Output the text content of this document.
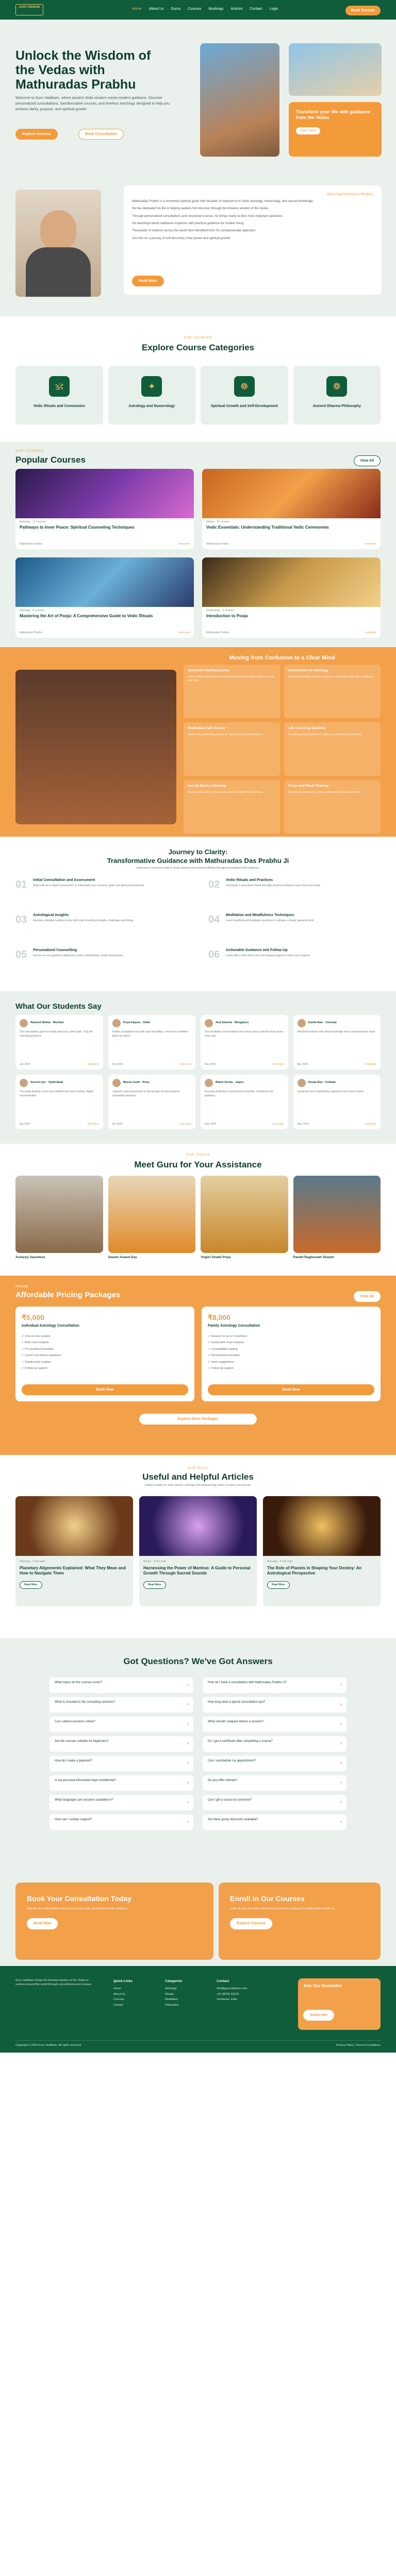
GURU VAIDIKAM	Home About Us Gurus Courses Bookings Articles Contact Login	Book Session
Unlock the Wisdom of the Vedas with Mathuradas Prabhu

Welcome to Guru Vaidikam, where ancient Vedic wisdom meets modern guidance. Discover personalized consultations, transformative courses, and timeless teachings designed to help you achieve clarity, purpose, and spiritual growth.

Explore Courses	Book Consultation
Transform your life with guidance from the Vedas
Learn More
ABOUT MATHURADAS PRABHU

Mathuradas Prabhu is a renowned spiritual guide with decades of experience in Vedic astrology, numerology, and sacred knowledge.

He has dedicated his life to helping seekers find direction through the timeless wisdom of the Vedas.

Through personalized consultations and structured courses, he brings clarity to life's most important questions.

His teachings blend traditional scriptures with practical guidance for modern living.

Thousands of students across the world have benefited from his compassionate approach.

Join him on a journey of self-discovery, inner peace and spiritual growth.

Read More
OUR COURSES
Explore Course Categories
🕉
Vedic Rituals and Ceremonies
✦
Astrology and Numerology
☸
Spiritual Growth and Self-Development
❁
Ancient Dharma Philosophy
OUR COURSES
Popular Courses	View All
Astrology · 12 Lessons
Pathways to Inner Peace: Spiritual Counseling Techniques
Mathuradas Prabhu	★★★★★
Rituals · 10 Lessons
Vedic Essentials: Understanding Traditional Vedic Ceremonies
Mathuradas Prabhu	★★★★★
Astrology · 8 Lessons
Mastering the Art of Pooja: A Comprehensive Guide to Vedic Rituals
Mathuradas Prabhu	★★★★★
Numerology · 6 Lessons
Introduction to Pooja
Mathuradas Prabhu	★★★★★
Moving from Confusion to a Clear Mind
Ayurvedic Healing Course

Learn holistic healing practices rooted in ancient Ayurvedic tradition for body and mind.

Introduction to Astrology

Understand planets, houses and signs to read birth charts with confidence.

Meditation Path Course

Build a daily meditation practice for calm, focus and inner balance.

Life Coaching Sessions

Receive practical guidance to align your goals with your dharma.

Sacred Mantra Chanting

Discover the power of sound and vibration through Vedic mantras.

Pooja and Ritual Training

Step-by-step training to perform traditional ceremonies at home.

Journey to Clarity:
Transformative Guidance with Mathuradas Das Prabhu Ji
Experience a structured path to clarity, purpose and spiritual fulfilment through personalized Vedic guidance.
01 Initial Consultation and Assessment

Begin with an in-depth conversation to understand your concerns, goals and spiritual background.	02 Vedic Rituals and Practices

Participate in prescribed rituals and daily practices tailored to your chart and needs.

03 Astrological Insights

Receive a detailed reading of your birth chart revealing strengths, challenges and timing.	04 Meditation and Mindfulness Techniques

Learn breathing and meditation practices to cultivate a steady, peaceful mind.

05 Personalized Counselling

Get one-on-one guidance addressing career, relationships, health and purpose.	06 Actionable Guidance and Follow-Up

Leave with a clear action plan and ongoing support to track your progress.

What Our Students Say
Ramesh Mehta · Mumbai

The consultation gave me clarity about my career path. Truly life changing guidance.

Jan 2024	★★★★★
Priya Kapoor · Delhi

Prabhu Ji explained my birth chart beautifully. I feel more confident about my future.

Feb 2024	★★★★★
Anil Sharma · Bengaluru

The meditation course helped me reduce stress and find inner peace every day.

Mar 2024	★★★★★
Kavita Nair · Chennai

Wonderful teacher with deep knowledge and a compassionate heart.

Mar 2024	★★★★★
Suresh Iyer · Hyderabad

The pooja training course was detailed and easy to follow. Highly recommended.

Apr 2024	★★★★★
Meena Joshi · Pune

I gained a new perspective on life through the personalized counselling sessions.

Apr 2024	★★★★★
Rahul Verma · Jaipur

Accurate predictions and practical remedies. Grateful for the guidance.

May 2024	★★★★★
Deepa Rao · Kolkata

A peaceful and enlightening experience from start to finish.

May 2024	★★★★★
OUR GURUS
Meet Guru for Your Assistance
Acharya Vasudeva	Swami Anand Das	Yogini Shakti Priya	Pandit Raghunath Shastri
PRICING
Affordable Pricing Packages	View All
₹5,000
Individual Astrology Consultation
✓ One-on-one session
✓ Birth chart analysis
✓ Personalized remedies
✓ Career and finance guidance
✓ Relationship insights
✓ Follow-up support
Book Now
₹8,000
Family Astrology Consultation
✓ Session for up to 4 members
✓ Family birth chart analysis
✓ Compatibility reading
✓ Personalized remedies
✓ Vastu suggestions
✓ Follow-up support
Book Now
Explore More Packages
OUR BLOG
Useful and Helpful Articles
Explore insights on Vedic wisdom, astrology and spiritual living written to inspire your journey.
Astrology · 5 min read
Planetary Alignments Explained: What They Mean and How to Navigate Them
Read More
Mantra · 4 min read
Harnessing the Power of Mantras: A Guide to Personal Growth Through Sacred Sounds
Read More
Astrology · 6 min read
The Role of Planets in Shaping Your Destiny: An Astrological Perspective
Read More
Got Questions? We've Got Answers
What topics do the courses cover?	+	How do I book a consultation with Mathuradas Prabhu Ji?	+
What is included in the consulting sessions?	+	How long does a typical consultation last?	+
Can I attend sessions online?	+	What should I prepare before a session?	+
Are the courses suitable for beginners?	+	Do I get a certificate after completing a course?	+
How do I make a payment?	+	Can I reschedule my appointment?	+
Is my personal information kept confidential?	+	Do you offer refunds?	+
What languages are sessions available in?	+	Can I gift a course to someone?	+
How can I contact support?	+	Are there group discounts available?	+
Book Your Consultation Today

Take the first step towards clarity and purpose with personalized Vedic guidance.

Book Now
Enroll in Our Courses

Learn at your own pace with structured courses designed by Mathuradas Prabhu Ji.

Explore Courses
Guru Vaidikam brings the timeless wisdom of the Vedas to seekers around the world through consultations and courses.
Quick Links
Home
About Us
Courses
Contact
Categories
Astrology
Rituals
Meditation
Philosophy
Contact
info@guruvaidikam.com
+91 98765 43210
Vrindavan, India
Join Our Newsletter
Subscribe
Copyright © 2024 Guru Vaidikam. All rights reserved.	Privacy Policy | Terms & Conditions
